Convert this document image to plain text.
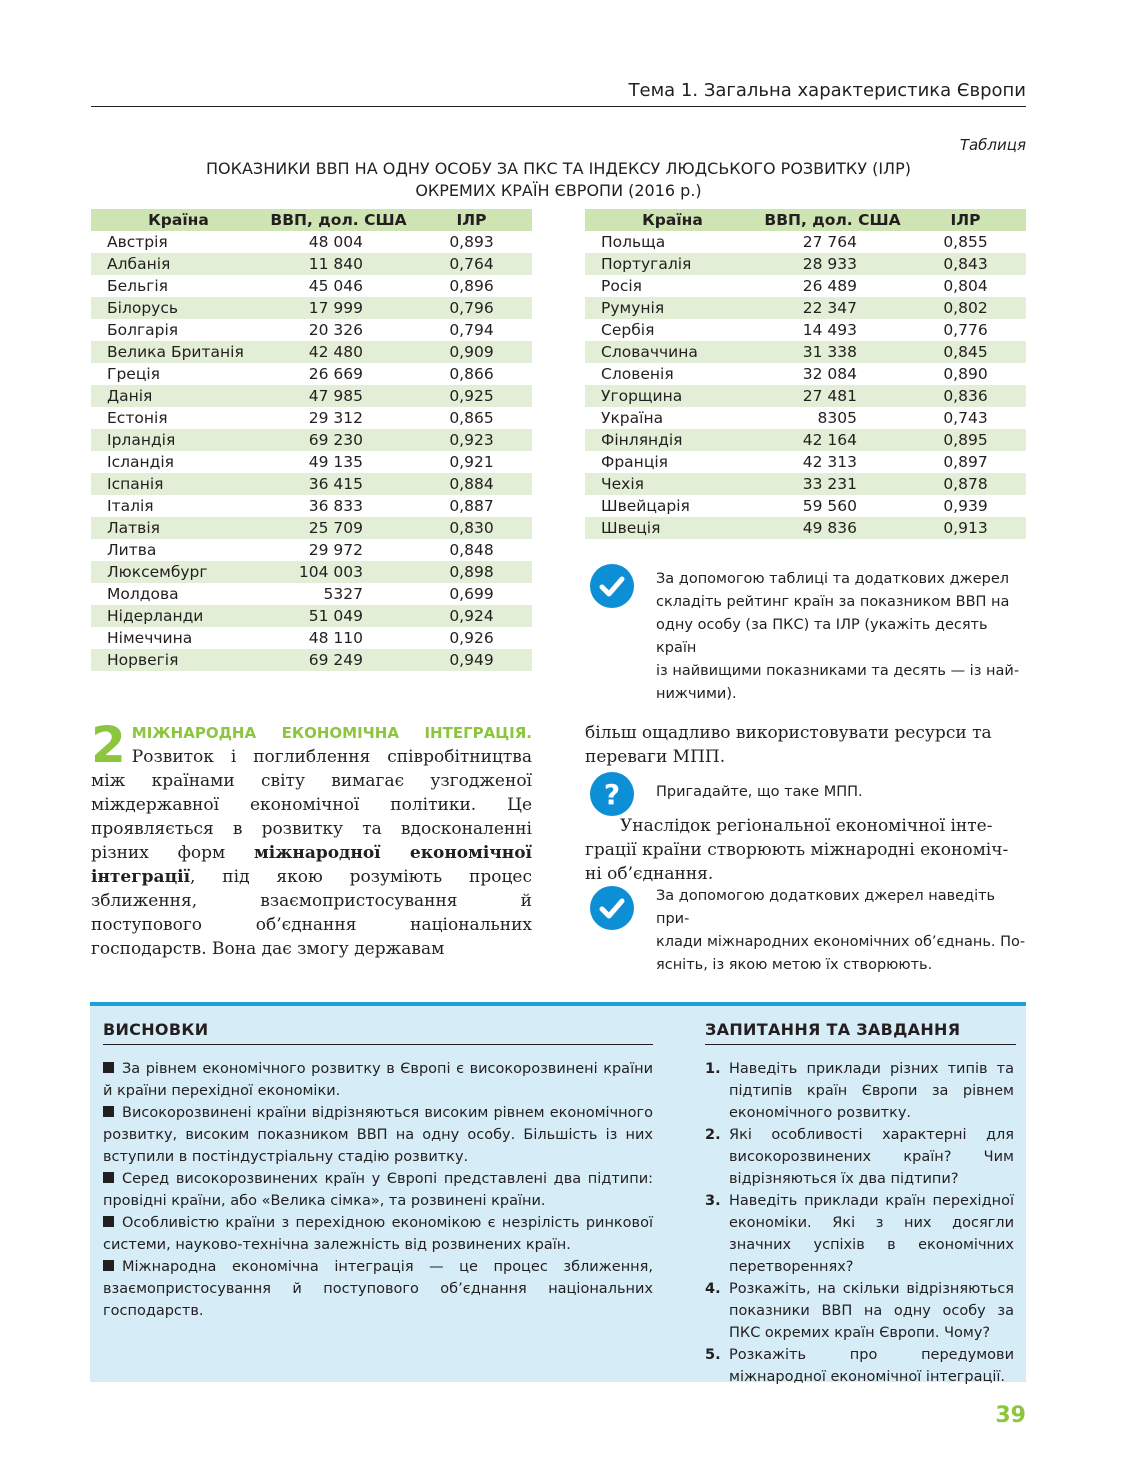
Тема 1. Загальна характеристика Європи
Таблиця
ПОКАЗНИКИ ВВП НА ОДНУ ОСОБУ ЗА ПКС ТА ІНДЕКСУ ЛЮДСЬКОГО РОЗВИТКУ (ІЛР)
ОКРЕМИХ КРАЇН ЄВРОПИ (2016 р.)
Країна	ВВП, дол. США	ІЛР
Австрія	48 004	0,893
Албанія	11 840	0,764
Бельгія	45 046	0,896
Білорусь	17 999	0,796
Болгарія	20 326	0,794
Велика Британія	42 480	0,909
Греція	26 669	0,866
Данія	47 985	0,925
Естонія	29 312	0,865
Ірландія	69 230	0,923
Ісландія	49 135	0,921
Іспанія	36 415	0,884
Італія	36 833	0,887
Латвія	25 709	0,830
Литва	29 972	0,848
Люксембург	104 003	0,898
Молдова	5327	0,699
Нідерланди	51 049	0,924
Німеччина	48 110	0,926
Норвегія	69 249	0,949
Країна	ВВП, дол. США	ІЛР
Польща	27 764	0,855
Португалія	28 933	0,843
Росія	26 489	0,804
Румунія	22 347	0,802
Сербія	14 493	0,776
Словаччина	31 338	0,845
Словенія	32 084	0,890
Угорщина	27 481	0,836
Україна	8305	0,743
Фінляндія	42 164	0,895
Франція	42 313	0,897
Чехія	33 231	0,878
Швейцарія	59 560	0,939
Швеція	49 836	0,913
За допомогою таблиці та додаткових джерел
складіть рейтинг країн за показником ВВП на
одну особу (за ПКС) та ІЛР (укажіть десять країн
із найвищими показниками та десять — із най-
нижчими).
2 МІЖНАРОДНА ЕКОНОМІЧНА ІНТЕГРАЦІЯ. Розвиток і поглиблення співробітництва між країнами світу вимагає узгодженої міждержавної економічної політики. Це проявляється в розвитку та вдосконаленні різних форм міжнародної економічної інтеграції, під якою розуміють процес зближення, взаємопристосування й поступового об’єднання національних господарств. Вона дає змогу державам
більш ощадливо використовувати ресурси та
переваги МПП.
? Пригадайте, що таке МПП.
Унаслідок регіональної економічної інте-
грації країни створюють міжнародні економіч-
ні об’єднання.
За допомогою додаткових джерел наведіть при-
клади міжнародних економічних об’єднань. По-
ясніть, із якою метою їх створюють.
ВИСНОВКИ
За рівнем економічного розвитку в Європі є високорозвинені країни й країни перехідної економіки.
Високорозвинені країни відрізняються високим рівнем економічного розвитку, високим показником ВВП на одну особу. Більшість із них вступили в постіндустріальну стадію розвитку.
Серед високорозвинених країн у Європі представлені два підтипи: провідні країни, або «Велика сімка», та розвинені країни.
Особливістю країни з перехідною економікою є незрілість ринкової системи, науково-технічна залежність від розвинених країн.
Міжнародна економічна інтеграція — це процес зближення, взаємопристосування й поступового об’єднання національних господарств.
ЗАПИТАННЯ ТА ЗАВДАННЯ
1. Наведіть приклади різних типів та підтипів країн Європи за рівнем економічного розвитку.
2. Які особливості характерні для високорозвинених країн? Чим відрізняються їх два підтипи?
3. Наведіть приклади країн перехідної економіки. Які з них досягли значних успіхів в економічних перетвореннях?
4. Розкажіть, на скільки відрізняються показники ВВП на одну особу за ПКС окремих країн Європи. Чому?
5. Розкажіть про передумови міжнародної економічної інтеграції.
39
